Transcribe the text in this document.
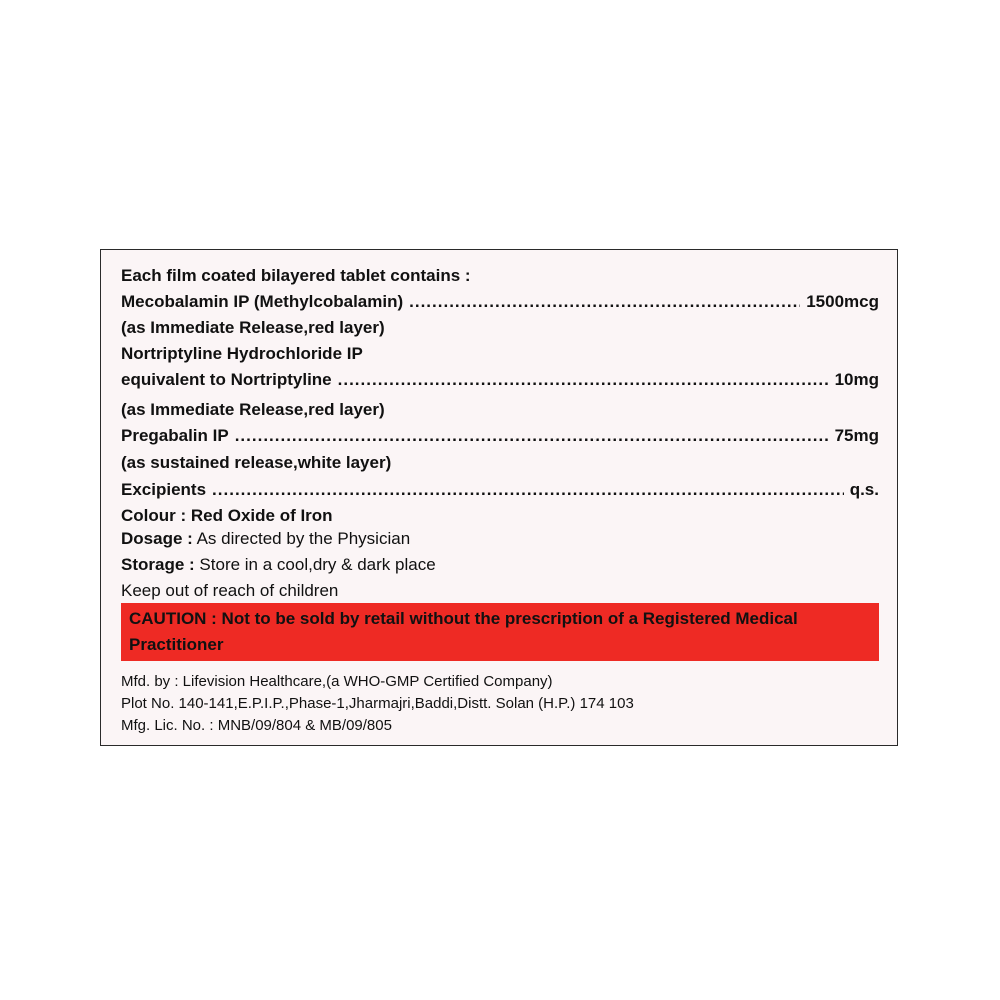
Each film coated bilayered tablet contains :
Mecobalamin IP (Methylcobalamin) .....	1500mcg
(as Immediate Release,red layer)
Nortriptyline Hydrochloride IP
equivalent to Nortriptyline .....	10mg
(as Immediate Release,red layer)
Pregabalin IP .....	75mg
(as sustained release,white layer)
Excipients .....	q.s.
Colour : Red Oxide of Iron
Dosage : As directed by the Physician
Storage : Store in a cool,dry & dark place
Keep out of reach of children
CAUTION : Not to be sold by retail without the prescription of a Registered Medical Practitioner
Mfd. by : Lifevision Healthcare,(a WHO-GMP Certified Company)
Plot No. 140-141,E.P.I.P.,Phase-1,Jharmajri,Baddi,Distt. Solan (H.P.) 174 103
Mfg. Lic. No. : MNB/09/804 & MB/09/805
